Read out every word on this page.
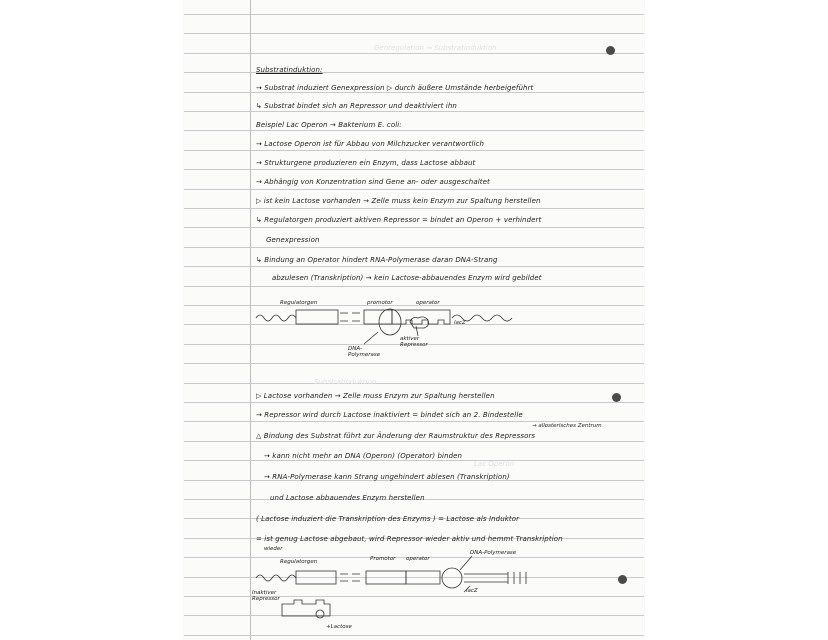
Genregulation → Substratinduktion
Substratinduktion
Lac Operon
Substratinduktion:
→ Substrat induziert Genexpression ▷ durch äußere Umstände herbeigeführt
↳ Substrat bindet sich an Repressor und deaktiviert ihn
Beispiel Lac Operon → Bakterium E. coli:
→ Lactose Operon ist für Abbau von Milchzucker verantwortlich
→ Strukturgene produzieren ein Enzym, dass Lactose abbaut
→ Abhängig von Konzentration sind Gene an- oder ausgeschaltet
▷ ist kein Lactose vorhanden → Zelle muss kein Enzym zur Spaltung herstellen
↳ Regulatorgen produziert aktiven Repressor = bindet an Operon + verhindert
Genexpression
↳ Bindung an Operator hindert RNA-Polymerase daran DNA-Strang
abzulesen (Transkription) → kein Lactose-abbauendes Enzym wird gebildet
Regulatorgen	promotor	operator
lacZ
aktiver Repressor
DNA-Polymerase
▷ Lactose vorhanden → Zelle muss Enzym zur Spaltung herstellen
→ Repressor wird durch Lactose inaktiviert = bindet sich an 2. Bindestelle
→ allosterisches Zentrum
△ Bindung des Substrat führt zur Änderung der Raumstruktur des Repressors
→ kann nicht mehr an DNA (Operon) (Operator) binden
→ RNA-Polymerase kann Strang ungehindert ablesen (Transkription)
und Lactose abbauendes Enzym herstellen
( Lactose induziert die Transkription des Enzyms ) = Lactose als Induktor
= ist genug Lactose abgebaut, wird Repressor wieder aktiv und hemmt Transkription
wieder
Regulatorgen	Promotor operator
DNA-Polymerase
lacZ
Inaktiver Repressor
+Lactose
